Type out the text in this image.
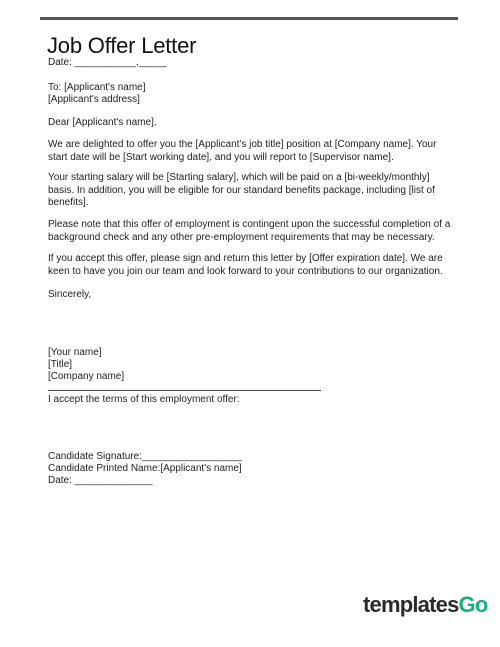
Job Offer Letter
Date: ___________,_____
To: [Applicant's name]
[Applicant's address]
Dear [Applicant's name],
We are delighted to offer you the [Applicant's job title] position at [Company name]. Your start date will be [Start working date], and you will report to [Supervisor name].
Your starting salary will be [Starting salary], which will be paid on a [bi-weekly/monthly] basis. In addition, you will be eligible for our standard benefits package, including [list of benefits].
Please note that this offer of employment is contingent upon the successful completion of a background check and any other pre-employment requirements that may be necessary.
If you accept this offer, please sign and return this letter by [Offer expiration date]. We are keen to have you join our team and look forward to your contributions to our organization.
Sincerely,
[Your name]
[Title]
[Company name]
I accept the terms of this employment offer:
Candidate Signature:__________________
Candidate Printed Name:[Applicant's name]
Date: ______________
templates Go
